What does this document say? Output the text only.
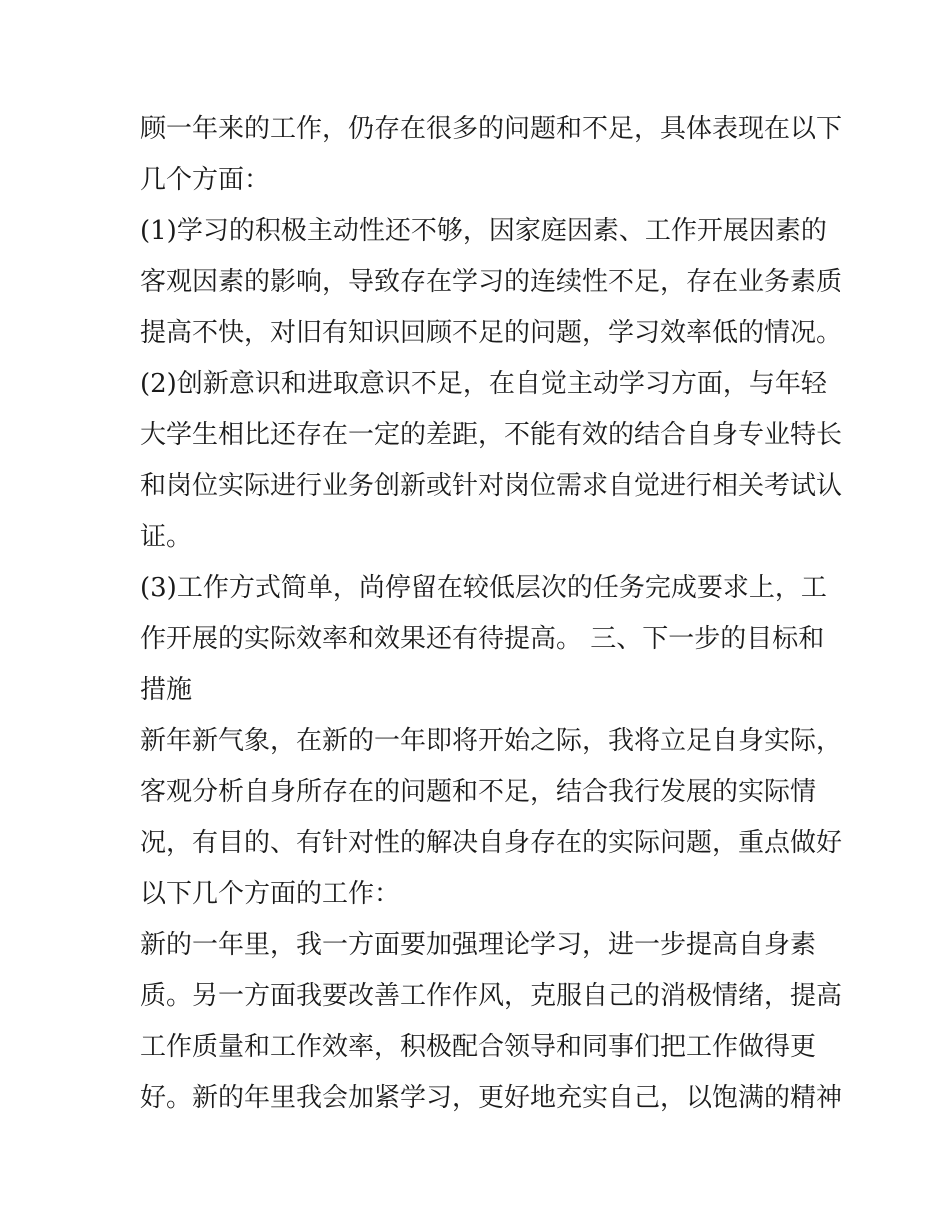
顾一年来的工作，仍存在很多的问题和不足，具体表现在以下
几个方面：
(1)学习的积极主动性还不够，因家庭因素、工作开展因素的
客观因素的影响，导致存在学习的连续性不足，存在业务素质
提高不快，对旧有知识回顾不足的问题，学习效率低的情况。
(2)创新意识和进取意识不足，在自觉主动学习方面，与年轻
大学生相比还存在一定的差距，不能有效的结合自身专业特长
和岗位实际进行业务创新或针对岗位需求自觉进行相关考试认
证。
(3)工作方式简单，尚停留在较低层次的任务完成要求上，工
作开展的实际效率和效果还有待提高。 三、下一步的目标和
措施
新年新气象，在新的一年即将开始之际，我将立足自身实际，
客观分析自身所存在的问题和不足，结合我行发展的实际情
况，有目的、有针对性的解决自身存在的实际问题，重点做好
以下几个方面的工作：
新的一年里，我一方面要加强理论学习，进一步提高自身素
质。另一方面我要改善工作作风，克服自己的消极情绪，提高
工作质量和工作效率，积极配合领导和同事们把工作做得更
好。新的年里我会加紧学习，更好地充实自己，以饱满的精神
